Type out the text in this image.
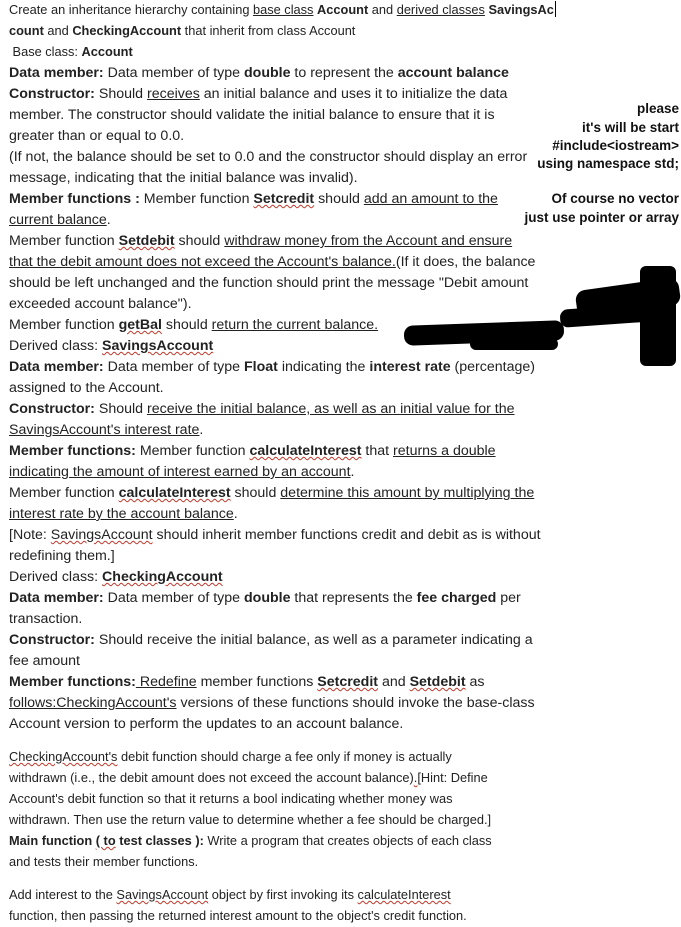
Create an inheritance hierarchy containing base class Account and derived classes SavingsAc
count and CheckingAccount that inherit from class Account
Base class: Account
Data member: Data member of type double to represent the account balance
Constructor: Should receives an initial balance and uses it to initialize the data
member. The constructor should validate the initial balance to ensure that it is
greater than or equal to 0.0.
(If not, the balance should be set to 0.0 and the constructor should display an error
message, indicating that the initial balance was invalid).
Member functions : Member function Setcredit should add an amount to the
current balance.
Member function Setdebit should withdraw money from the Account and ensure
that the debit amount does not exceed the Account's balance.(If it does, the balance
should be left unchanged and the function should print the message "Debit amount
exceeded account balance").
Member function getBal should return the current balance.
Derived class: SavingsAccount
Data member: Data member of type Float indicating the interest rate (percentage)
assigned to the Account.
Constructor: Should receive the initial balance, as well as an initial value for the
SavingsAccount's interest rate.
Member functions: Member function calculateInterest that returns a double
indicating the amount of interest earned by an account.
Member function calculateInterest should determine this amount by multiplying the
interest rate by the account balance.
[Note: SavingsAccount should inherit member functions credit and debit as is without
redefining them.]
Derived class: CheckingAccount
Data member: Data member of type double that represents the fee charged per
transaction.
Constructor: Should receive the initial balance, as well as a parameter indicating a
fee amount
Member functions: Redefine member functions Setcredit and Setdebit as
follows:CheckingAccount's versions of these functions should invoke the base-class
Account version to perform the updates to an account balance.
CheckingAccount's debit function should charge a fee only if money is actually
withdrawn (i.e., the debit amount does not exceed the account balance).[Hint: Define
Account's debit function so that it returns a bool indicating whether money was
withdrawn. Then use the return value to determine whether a fee should be charged.]
Main function ( to test classes ): Write a program that creates objects of each class
and tests their member functions.
Add interest to the SavingsAccount object by first invoking its calculateInterest
function, then passing the returned interest amount to the object's credit function.
please
it's will be start
#include<iostream>
using namespace std;
Of course no vector
just use pointer or array
